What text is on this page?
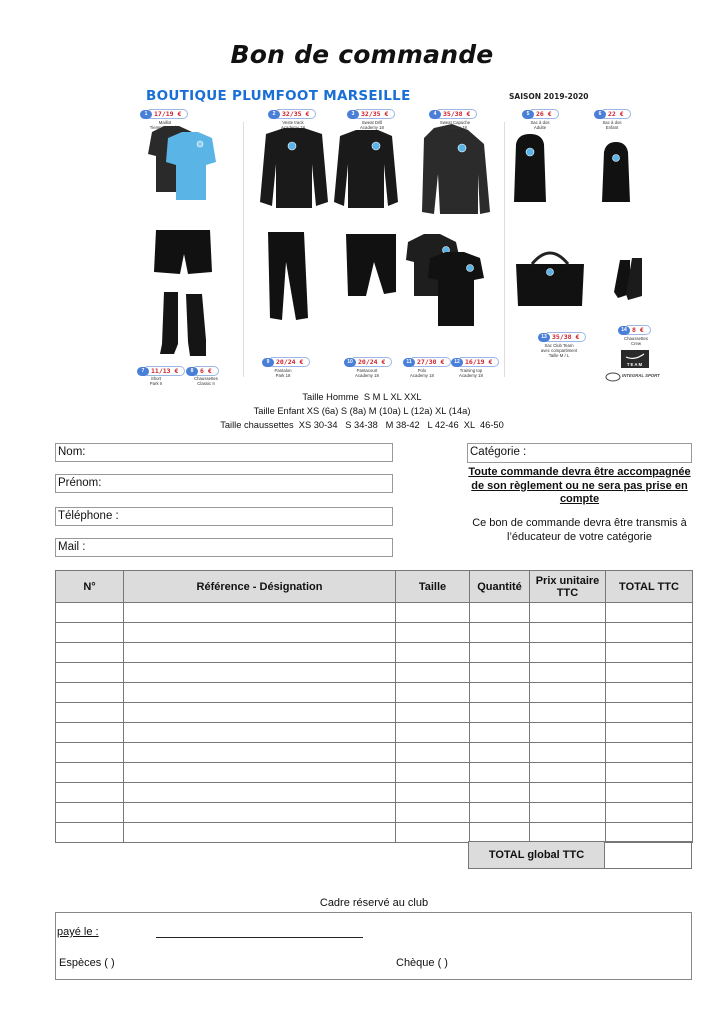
Bon de commande
BOUTIQUE PLUMFOOT MARSEILLE	SAISON 2019-2020
1	17/19 €
Maillot
Tiempo Premier
2	32/35 €
Veste track
Academy 18
3	32/35 €
Sweat Drill
Academy 18
4	35/38 €
Sweat Capuche
Academy 18
5	26 €
Sac à dos
Adulte
6	22 €
Sac à dos
Enfant
7	11/13 €
Short
Park II
8	6 €
Chaussettes
Classic II
9	20/24 €
Pantalon
Park 18
10 20/24 €
Pantacourt
Academy 18
11 27/30 €
Polo
Academy 18
12 16/19 €
Training top
Academy 18
13 35/38 €
Sac Club Team
avec compartiment
Taille M / L
14 8 €
Chaussettes
Crew
TEAM
INTEGRAL SPORT
Taille Homme  S M L XL XXL
Taille Enfant XS (6a) S (8a) M (10a) L (12a) XL (14a)
Taille chaussettes  XS 30-34   S 34-38   M 38-42   L 42-46  XL  46-50
Nom:
Prénom:
Téléphone :
Mail :
Catégorie :
Toute commande devra être accompagnée de son règlement ou ne sera pas prise en compte
Ce bon de commande devra être transmis à l’éducateur de votre catégorie
N°	Référence - Désignation	Taille	Quantité	Prix unitaire TTC	TOTAL TTC

TOTAL global TTC
Cadre réservé au club
payé le :
Espèces ( )	Chèque ( )
